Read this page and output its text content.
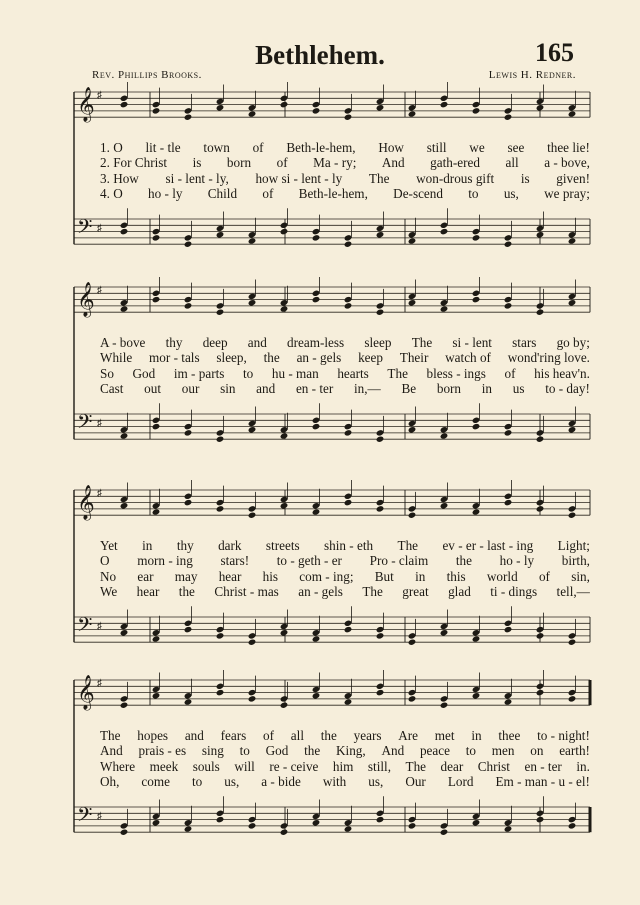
Bethlehem.	165
Rev. Phillips Brooks.	Lewis H. Redner.
𝄞 ♯
𝄢 ♯
𝄞 ♯
𝄢 ♯
𝄞 ♯
𝄢 ♯
𝄞 ♯
𝄢 ♯
1. O lit - tle town of Beth-le-hem, How still we see thee lie!
2. For Christ is born of Ma - ry; And gath-ered all a - bove,
3. How si - lent - ly, how si - lent - ly The won-drous gift is given!
4. O ho - ly Child of Beth-le-hem, De-scend to us, we pray;
A - bove thy deep and dream-less sleep The si - lent stars go by;
While mor - tals sleep, the an - gels keep Their watch of wond'ring love.
So God im - parts to hu - man hearts The bless - ings of his heav'n.
Cast out our sin and en - ter in,— Be born in us to - day!
Yet in thy dark streets shin - eth The ev - er - last - ing Light;
O morn - ing stars! to - geth - er Pro - claim the ho - ly birth,
No ear may hear his com - ing; But in this world of sin,
We hear the Christ - mas an - gels The great glad ti - dings tell,—
The hopes and fears of all the years Are met in thee to - night!
And prais - es sing to God the King, And peace to men on earth!
Where meek souls will re - ceive him still, The dear Christ en - ter in.
Oh, come to us, a - bide with us, Our Lord Em - man - u - el!
